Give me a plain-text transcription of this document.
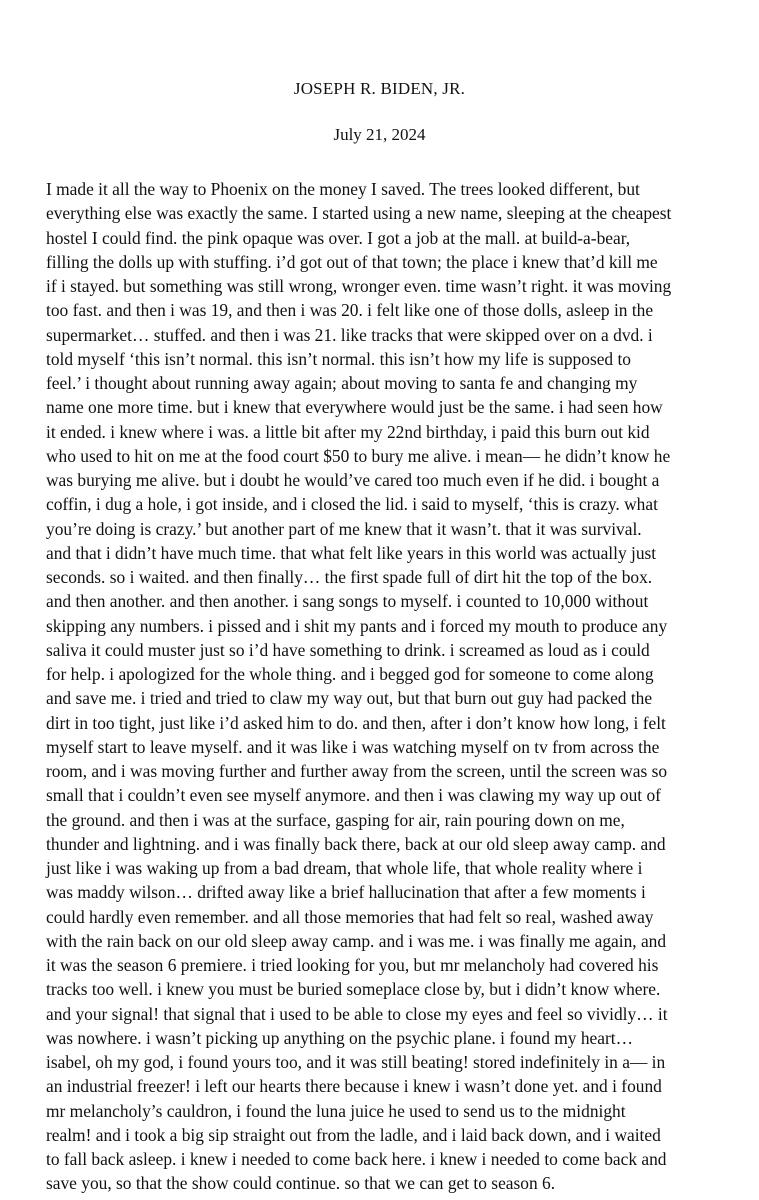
JOSEPH R. BIDEN, JR.
July 21, 2024
I made it all the way to Phoenix on the money I saved. The trees looked different, but
everything else was exactly the same. I started using a new name, sleeping at the cheapest
hostel I could find. the pink opaque was over. I got a job at the mall. at build-a-bear,
filling the dolls up with stuffing. i’d got out of that town; the place i knew that’d kill me
if i stayed. but something was still wrong, wronger even. time wasn’t right. it was moving
too fast. and then i was 19, and then i was 20. i felt like one of those dolls, asleep in the
supermarket… stuffed. and then i was 21. like tracks that were skipped over on a dvd. i
told myself ‘this isn’t normal. this isn’t normal. this isn’t how my life is supposed to
feel.’ i thought about running away again; about moving to santa fe and changing my
name one more time. but i knew that everywhere would just be the same. i had seen how
it ended. i knew where i was. a little bit after my 22nd birthday, i paid this burn out kid
who used to hit on me at the food court $50 to bury me alive. i mean— he didn’t know he
was burying me alive. but i doubt he would’ve cared too much even if he did. i bought a
coffin, i dug a hole, i got inside, and i closed the lid. i said to myself, ‘this is crazy. what
you’re doing is crazy.’ but another part of me knew that it wasn’t. that it was survival.
and that i didn’t have much time. that what felt like years in this world was actually just
seconds. so i waited. and then finally… the first spade full of dirt hit the top of the box.
and then another. and then another. i sang songs to myself. i counted to 10,000 without
skipping any numbers. i pissed and i shit my pants and i forced my mouth to produce any
saliva it could muster just so i’d have something to drink. i screamed as loud as i could
for help. i apologized for the whole thing. and i begged god for someone to come along
and save me. i tried and tried to claw my way out, but that burn out guy had packed the
dirt in too tight, just like i’d asked him to do. and then, after i don’t know how long, i felt
myself start to leave myself. and it was like i was watching myself on tv from across the
room, and i was moving further and further away from the screen, until the screen was so
small that i couldn’t even see myself anymore. and then i was clawing my way up out of
the ground. and then i was at the surface, gasping for air, rain pouring down on me,
thunder and lightning. and i was finally back there, back at our old sleep away camp. and
just like i was waking up from a bad dream, that whole life, that whole reality where i
was maddy wilson… drifted away like a brief hallucination that after a few moments i
could hardly even remember. and all those memories that had felt so real, washed away
with the rain back on our old sleep away camp. and i was me. i was finally me again, and
it was the season 6 premiere. i tried looking for you, but mr melancholy had covered his
tracks too well. i knew you must be buried someplace close by, but i didn’t know where.
and your signal! that signal that i used to be able to close my eyes and feel so vividly… it
was nowhere. i wasn’t picking up anything on the psychic plane. i found my heart…
isabel, oh my god, i found yours too, and it was still beating! stored indefinitely in a— in
an industrial freezer! i left our hearts there because i knew i wasn’t done yet. and i found
mr melancholy’s cauldron, i found the luna juice he used to send us to the midnight
realm! and i took a big sip straight out from the ladle, and i laid back down, and i waited
to fall back asleep. i knew i needed to come back here. i knew i needed to come back and
save you, so that the show could continue. so that we can get to season 6.
